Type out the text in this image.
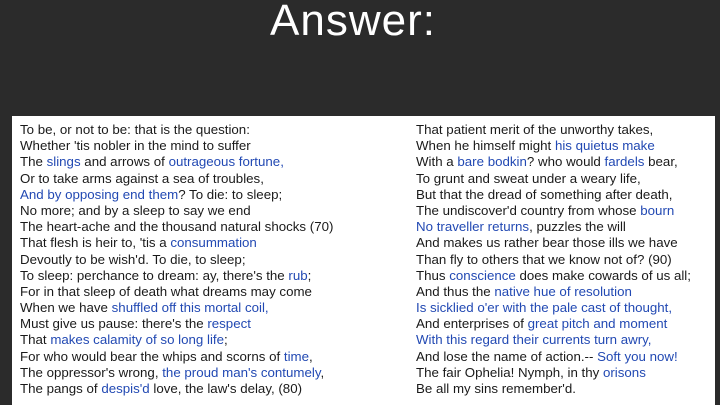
Answer:
To be, or not to be: that is the question:
Whether 'tis nobler in the mind to suffer
The slings and arrows of outrageous fortune,
Or to take arms against a sea of troubles,
And by opposing end them? To die: to sleep;
No more; and by a sleep to say we end
The heart-ache and the thousand natural shocks (70)
That flesh is heir to, 'tis a consummation
Devoutly to be wish'd. To die, to sleep;
To sleep: perchance to dream: ay, there's the rub;
For in that sleep of death what dreams may come
When we have shuffled off this mortal coil,
Must give us pause: there's the respect
That makes calamity of so long life;
For who would bear the whips and scorns of time,
The oppressor's wrong, the proud man's contumely,
The pangs of despis'd love, the law's delay, (80)
That patient merit of the unworthy takes,
When he himself might his quietus make
With a bare bodkin? who would fardels bear,
To grunt and sweat under a weary life,
But that the dread of something after death,
The undiscover'd country from whose bourn
No traveller returns, puzzles the will
And makes us rather bear those ills we have
Than fly to others that we know not of? (90)
Thus conscience does make cowards of us all;
And thus the native hue of resolution
Is sicklied o'er with the pale cast of thought,
And enterprises of great pitch and moment
With this regard their currents turn awry,
And lose the name of action.-- Soft you now!
The fair Ophelia! Nymph, in thy orisons
Be all my sins remember'd.
